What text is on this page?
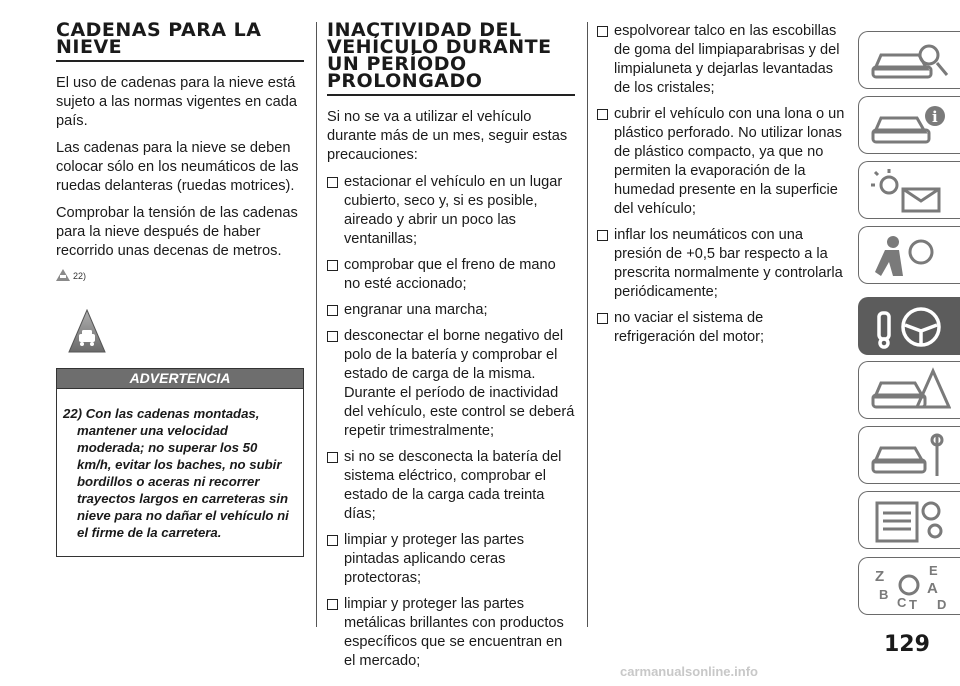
CADENAS PARA LA NIEVE

El uso de cadenas para la nieve está sujeto a las normas vigentes en cada país.

Las cadenas para la nieve se deben colocar sólo en los neumáticos de las ruedas delanteras (ruedas motrices).

Comprobar la tensión de las cadenas para la nieve después de haber recorrido unas decenas de metros.

22)
ADVERTENCIA
22) Con las cadenas montadas,
mantener una velocidad moderada; no superar los 50 km/h, evitar los baches, no subir bordillos o aceras ni recorrer trayectos largos en carreteras sin nieve para no dañar el vehículo ni el firme de la carretera.
INACTIVIDAD DEL VEHÍCULO DURANTE UN PERÍODO PROLONGADO

Si no se va a utilizar el vehículo durante más de un mes, seguir estas precauciones:

estacionar el vehículo en un lugar cubierto, seco y, si es posible, aireado y abrir un poco las ventanillas;
comprobar que el freno de mano no esté accionado;
engranar una marcha;
desconectar el borne negativo del polo de la batería y comprobar el estado de carga de la misma. Durante el período de inactividad del vehículo, este control se deberá repetir trimestralmente;
si no se desconecta la batería del sistema eléctrico, comprobar el estado de la carga cada treinta días;
limpiar y proteger las partes pintadas aplicando ceras protectoras;
limpiar y proteger las partes metálicas brillantes con productos específicos que se encuentran en el mercado;
espolvorear talco en las escobillas de goma del limpiaparabrisas y del limpialuneta y dejarlas levantadas de los cristales;
cubrir el vehículo con una lona o un plástico perforado. No utilizar lonas de plástico compacto, ya que no permiten la evaporación de la humedad presente en la superficie del vehículo;
inflar los neumáticos con una presión de +0,5 bar respecto a la prescrita normalmente y controlarla periódicamente;
no vaciar el sistema de refrigeración del motor;
i
Z	E
A
B
C T D
129
carmanualsonline.info
